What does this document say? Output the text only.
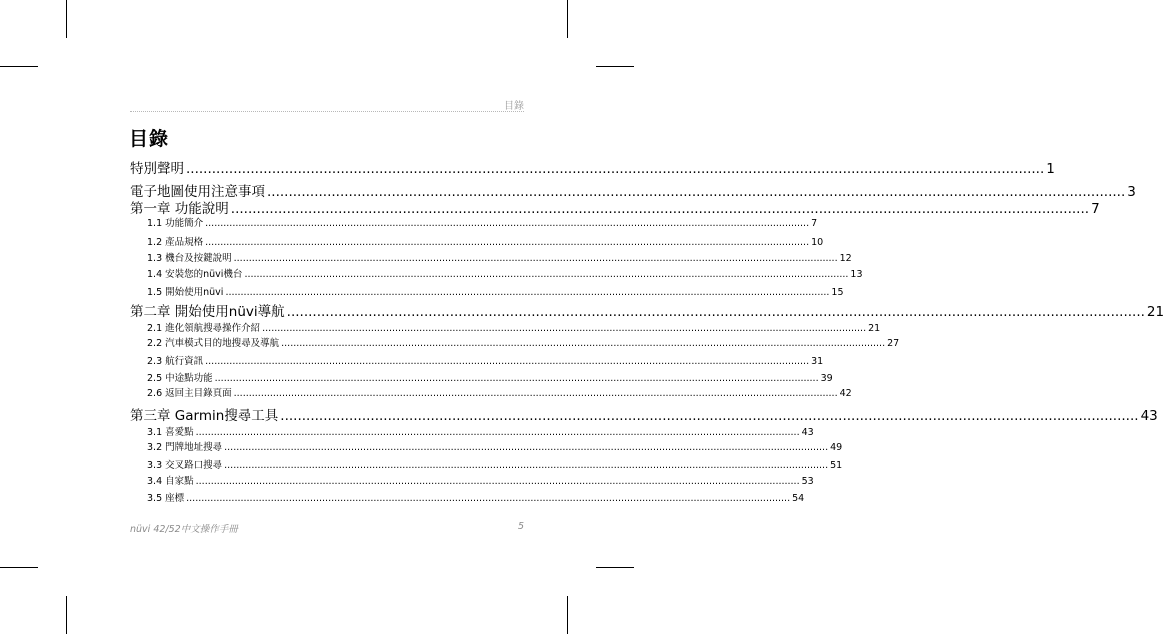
目錄
目錄
特別聲明 ........................................................................................................................................................................................................ 1
電子地圖使用注意事項 ........................................................................................................................................................................................................ 3
第一章 功能說明 ........................................................................................................................................................................................................ 7
1.1 功能簡介 ........................................................................................................................................................................................................ 7
1.2 產品規格 ........................................................................................................................................................................................................ 10
1.3 機台及按鍵說明 ........................................................................................................................................................................................................ 12
1.4 安裝您的nüvi機台 ........................................................................................................................................................................................................ 13
1.5 開始使用nüvi ........................................................................................................................................................................................................ 15
第二章 開始使用nüvi導航 ........................................................................................................................................................................................................ 21
2.1 進化領航搜尋操作介紹 ........................................................................................................................................................................................................ 21
2.2 汽車模式目的地搜尋及導航 ........................................................................................................................................................................................................ 27
2.3 航行資訊 ........................................................................................................................................................................................................ 31
2.5 中途點功能 ........................................................................................................................................................................................................ 39
2.6 返回主目錄頁面 ........................................................................................................................................................................................................ 42
第三章 Garmin搜尋工具 ........................................................................................................................................................................................................ 43
3.1 喜愛點 ........................................................................................................................................................................................................ 43
3.2 門牌地址搜尋 ........................................................................................................................................................................................................ 49
3.3 交叉路口搜尋 ........................................................................................................................................................................................................ 51
3.4 自家點 ........................................................................................................................................................................................................ 53
3.5 座標 ........................................................................................................................................................................................................ 54
nüvi 42/52中文操作手冊	5
